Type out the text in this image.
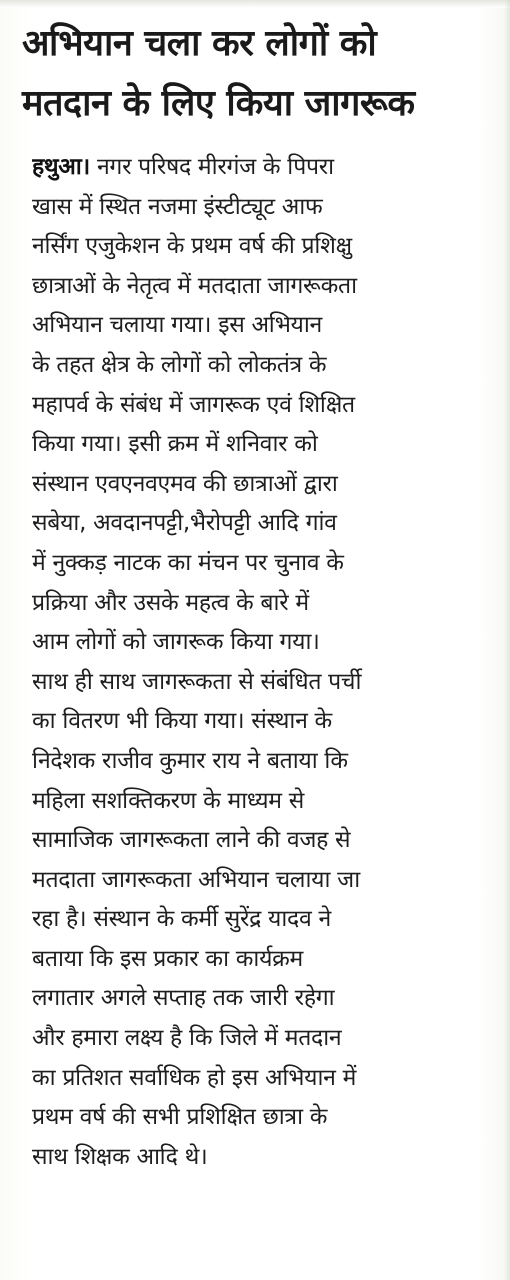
अभियान चला कर लोगों को
मतदान के लिए किया जागरूक
हथुआ। नगर परिषद मीरगंज के पिपरा
खास में स्थित नजमा इंस्टीट्यूट आफ
नर्सिंग एजुकेशन के प्रथम वर्ष की प्रशिक्षु
छात्राओं के नेतृत्व में मतदाता जागरूकता
अभियान चलाया गया। इस अभियान
के तहत क्षेत्र के लोगों को लोकतंत्र के
महापर्व के संबंध में जागरूक एवं शिक्षित
किया गया। इसी क्रम में शनिवार को
संस्थान एवएनवएमव की छात्राओं द्वारा
सबेया, अवदानपट्टी,भैरोपट्टी आदि गांव
में नुक्कड़ नाटक का मंचन पर चुनाव के
प्रक्रिया और उसके महत्व के बारे में
आम लोगों को जागरूक किया गया।
साथ ही साथ जागरूकता से संबंधित पर्ची
का वितरण भी किया गया। संस्थान के
निदेशक राजीव कुमार राय ने बताया कि
महिला सशक्तिकरण के माध्यम से
सामाजिक जागरूकता लाने की वजह से
मतदाता जागरूकता अभियान चलाया जा
रहा है। संस्थान के कर्मी सुरेंद्र यादव ने
बताया कि इस प्रकार का कार्यक्रम
लगातार अगले सप्ताह तक जारी रहेगा
और हमारा लक्ष्य है कि जिले में मतदान
का प्रतिशत सर्वाधिक हो इस अभियान में
प्रथम वर्ष की सभी प्रशिक्षित छात्रा के
साथ शिक्षक आदि थे।
